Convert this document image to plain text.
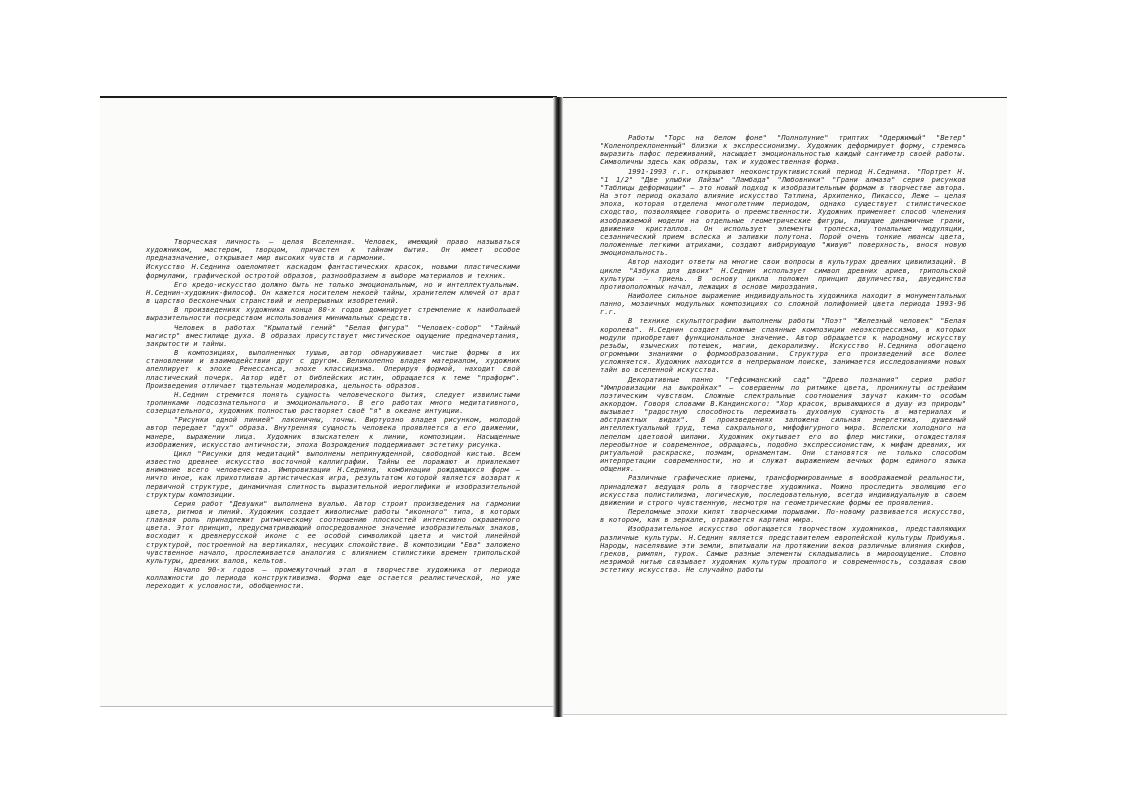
Творческая личность — целая Вселенная. Человек, имеющий право называться художником, мастером, творцом, причастен к тайнам бытия. Он имеет особое предназначение, открывает мир высоких чувств и гармонии.

Искусство Н.Седнина ошеломляет каскадом фантастических красок, новыми пластическими формулами, графической остротой образов, разнообразием в выборе материалов и техник.

Его кредо-искусство должно быть не только эмоциональным, но и интеллектуальным. Н.Седнин-художник-философ. Он кажется носителем некоей тайны, хранителем ключей от врат в царство бесконечных странствий и непрерывных изобретений.

В произведениях художника конца 80-х годов доминирует стремление к наибольшей выразительности посредством использования минимальных средств.

Человек в работах "Крылатый гений" "Белая фигура" "Человек-собор" "Тайный магистр" вместилище духа. В образах присутствует мистическое ощущение предначертания, закрытости и тайны.

В композициях, выполненных тушью, автор обнаруживает чистые формы в их становлении и взаимодействии друг с другом. Великолепно владея материалом, художник апеллирует к эпохе Ренессанса, эпохе классицизма. Оперируя формой, находит свой пластический почерк. Автор идёт от библейских истин, обращается к теме "праформ". Произведения отличает тщательная моделировка, цельность образов.

Н.Седнин стремится понять сущность человеческого бытия, следует извилистыми тропинками подсознательного и эмоционального. В его работах много медитативного, созерцательного, художник полностью растворяет своё "я" в океане интуиции.

"Рисунки одной линией" лаконичны, точны. Виртуозно владея рисунком, молодой автор передает "дух" образа. Внутренняя сущность человека проявляется в его движении, манере, выражении лица. Художник взыскателен к линии, композиции. Насыщенные изображения, искусство античности, эпоха Возрождения поддерживают эстетику рисунка.

Цикл "Рисунки для медитаций" выполнены непринужденной, свободной кистью. Всем известно древнее искусство восточной каллиграфии. Тайны ее поражают и привлекают внимание всего человечества. Импровизации Н.Седнина, комбинации рождающихся форм — ничто иное, как прихотливая артистическая игра, результатом которой является возврат к первичной структуре, динамичная слитность выразительной иероглифики и изобразительной структуры композиции.

Серия работ "Девушки" выполнена вуалью. Автор строит произведения на гармонии цвета, ритмов и линий. Художник создает живописные работы "иконного" типа, в которых главная роль принадлежит ритмическому соотношению плоскостей интенсивно окрашенного цвета. Этот принцип, предусматривающий опосредованное значение изобразительных знаков, восходит к древнерусской иконе с ее особой символикой цвета и чистой линейной структурой, построенной на вертикалях, несущих спокойствие. В композиции "Ева" заложено чувственное начало, прослеживается аналогия с влиянием стилистики времен трипольской культуры, древних валов, кельтов.

Начало 90-х годов — промежуточный этап в творчестве художника от периода коллажности до периода конструктивизма. Форма еще остается реалистической, но уже переходит к условности, обобщенности.

Работы "Торс на белом фоне" "Полнолуние" триптих "Одержимый" "Ветер" "Коленопреклоненный" близки к экспрессионизму. Художник деформирует форму, стремясь выразить пафос переживаний, насыщает эмоциональностью каждый сантиметр своей работы. Символичны здесь как образы, так и художественная форма.

1991-1993 г.г. открывают неоконструктивистский период Н.Седнина. "Портрет Н. "1 1/2" "Две улыбки Лайзы" "Ламбада" "Любовники" "Грани алмаза" серия рисунков "Таблицы деформации" — это новый подход к изобразительным формам в творчестве автора. На этот период оказало влияние искусство Татлина, Архипенко, Пикассо, Леже — целая эпоха, которая отделена многолетним периодом, однако существует стилистическое сходство, позволяющее говорить о преемственности. Художник применяет способ членения изображаемой модели на отдельные геометрические фигуры, пишущие динамичные грани, движения кристаллов. Он использует элементы тропеска, тональные модуляции, сезаннический прием вспеска и заливки полутона. Порой очень тонкие нюансы цвета, положенные легкими штрихами, создают вибрирующую "живую" поверхность, внося новую эмоциональность.

Автор находит ответы на многие свои вопросы в культурах древних цивилизаций. В цикле "Азбука для двоих" Н.Седнин использует символ древних ариев, трипольской культуры — триень. В основу цикла положен принцип двуличества, двуединства противоположных начал, лежащих в основе мироздания.

Наиболее сильное выражение индивидуальность художника находит в монументальных панно, мозаичных модульных композициях со сложной полифонией цвета периода 1993-96 г.г.

В технике скульптографии выполнены работы "Поэт" "Железный человек" "Белая королева". Н.Седнин создает сложные спаянные композиции неоэкспрессизма, в которых модули приобретают функциональное значение. Автор обращается к народному искусству резьбы, языческих потешек, магии, декорализму. Искусство Н.Седнина обогащено огромными знаниями о формообразовании. Структура его произведений все более усложняется. Художник находится в непрерывном поиске, занимается исследованиями новых тайн во вселенной искусства.

Декоративные панно "Гефсиманский сад" "Древо познания" серия работ "Импровизации на выкройках" — совершенны по ритмике цвета, проникнуты острейшим поэтическим чувством. Сложные спектральные соотношения звучат каким-то особым аккордом. Говоря словами В.Кандинского: "Хор красок, врывающихся в душу из природы" вызывает "радостную способность переживать духовную сущность в материалах и абстрактных видах". В произведениях заложена сильная энергетика, душевный интеллектуальный труд, тема сакрального, мифофигурного мира. Вспелски холодного на пепелом цветовой шипами. Художник окутывает его во флер мистики, отождествляя переобытное и современное, обращаясь, подобно экспрессионистам, к мифам древних, их ритуальной раскраске, поэмам, орнаментам. Они становятся не только способом интерпретации современности, но и служат выражением вечных форм единого языка общения.

Различные графические приемы, трансформированные в воображаемой реальности, принадлежат ведущая роль в творчестве художника. Можно проследить эволюцию его искусства полистилизма, логическую, последовательную, всегда индивидуальную в своем движении и строго чувственную, несмотря на геометрические формы ее проявления.

Переломные эпохи кипят творческими порывами. По-новому развивается искусство, в котором, как в зеркале, отражается картина мира.

Изобразительное искусство обогащается творчеством художников, представляющих различные культуры. Н.Седнин является представителем европейской культуры Прибужья. Народы, населявшие эти земли, впитывали на протяжении веков различные влияния скифов, греков, римлян, турок. Самые разные элементы складывались в мироощущение. Словно незримой нитью связывает художник культуры прошлого и современность, создавая свою эстетику искусства. Не случайно работы
